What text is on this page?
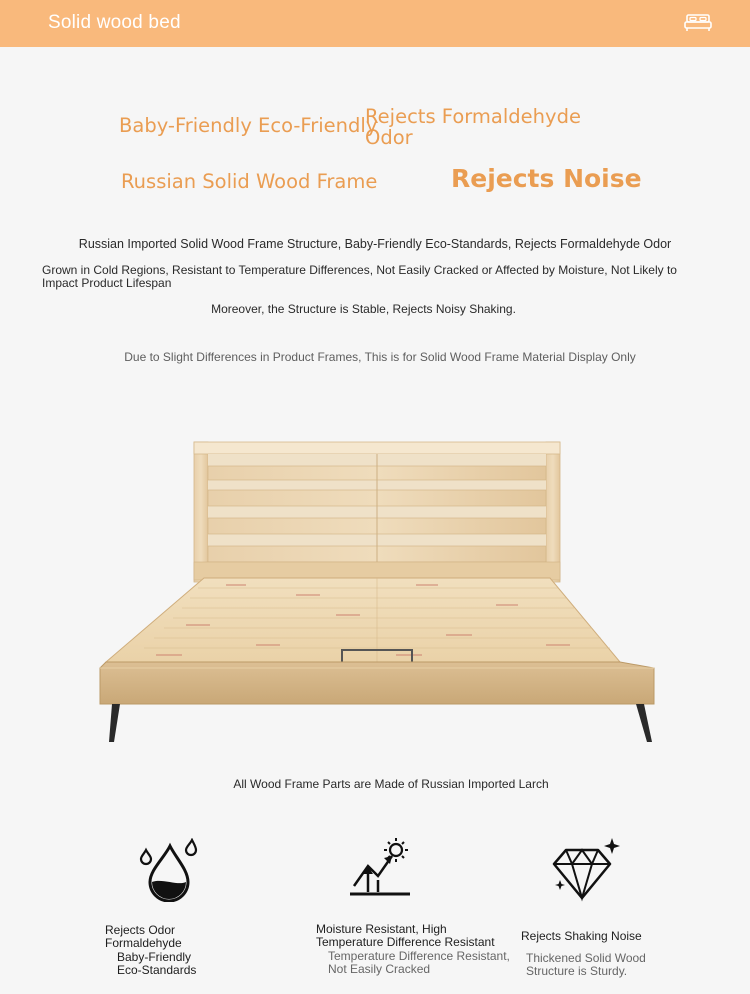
Solid wood bed
Baby-Friendly Eco-Friendly
Rejects Formaldehyde
Odor
Russian Solid Wood Frame	Rejects Noise
Russian Imported Solid Wood Frame Structure, Baby-Friendly Eco-Standards, Rejects Formaldehyde Odor
Grown in Cold Regions, Resistant to Temperature Differences, Not Easily Cracked or Affected by Moisture, Not Likely to
Impact Product Lifespan
Moreover, the Structure is Stable, Rejects Noisy Shaking.
Due to Slight Differences in Product Frames, This is for Solid Wood Frame Material Display Only
All Wood Frame Parts are Made of Russian Imported Larch
Rejects Odor
Formaldehyde
Baby-Friendly
Eco-Standards
Moisture Resistant, High
Temperature Difference Resistant
Temperature Difference Resistant,
Not Easily Cracked
Rejects Shaking Noise
Thickened Solid Wood
Structure is Sturdy.
